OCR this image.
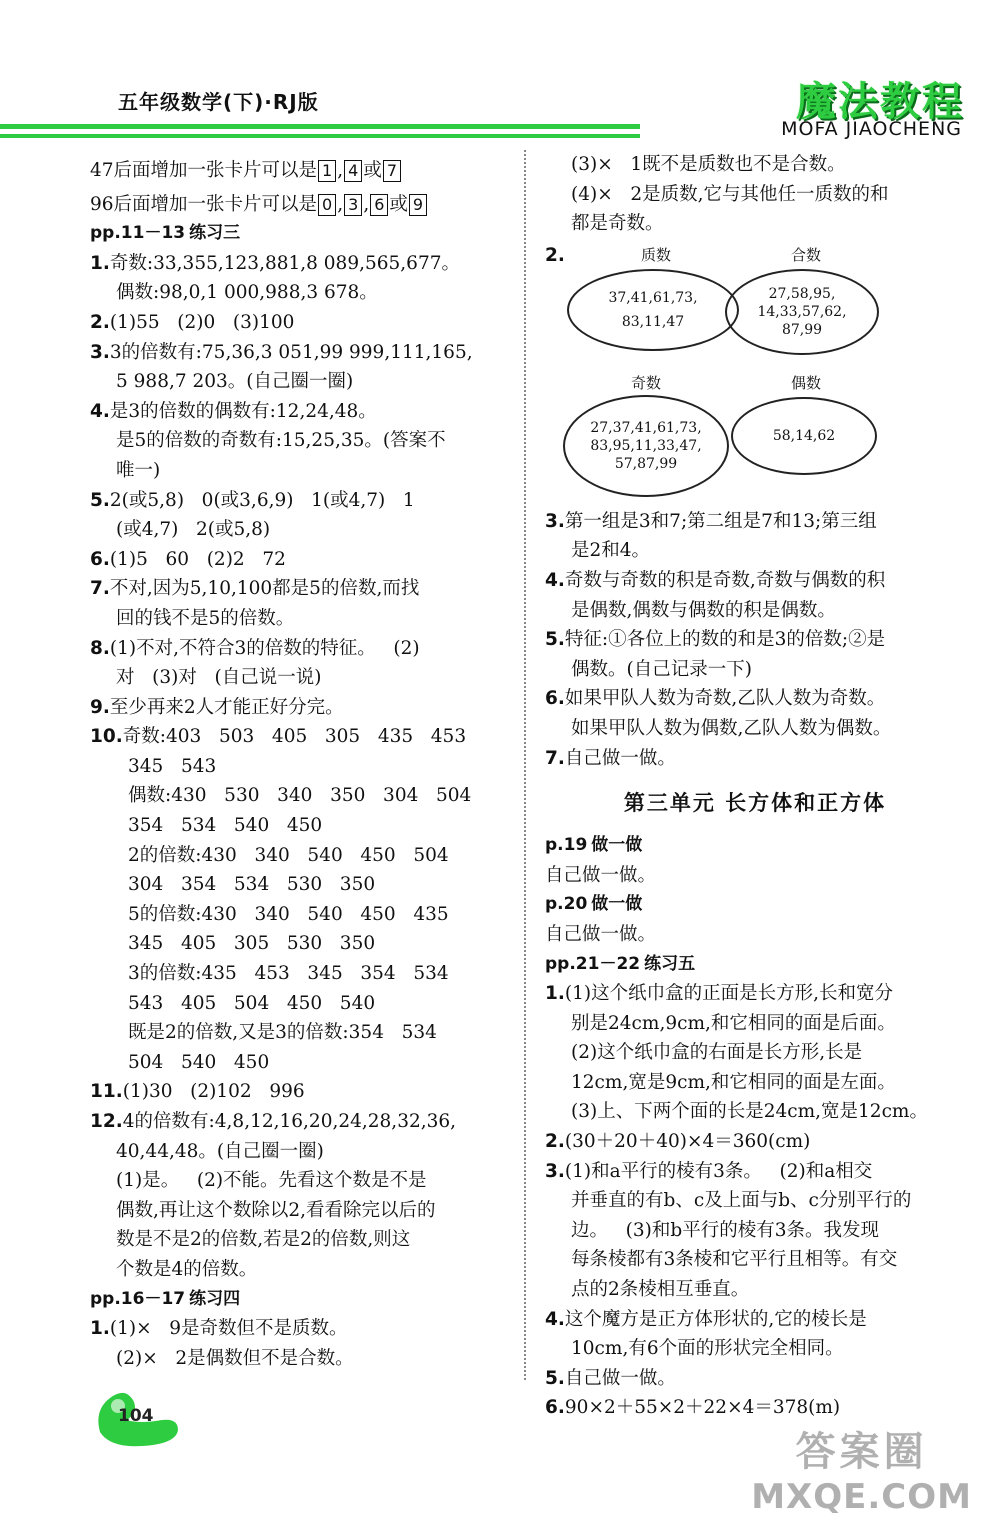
五年级数学(下)·RJ版	魔法教程
MOFA JIAOCHENG
47后面增加一张卡片可以是 1 , 4 或 7
96后面增加一张卡片可以是 0 , 3 , 6 或 9
pp.11－13 练习三
1.奇数:33,355,123,881,8 089,565,677。
偶数:98,0,1 000,988,3 678。
2.(1)55   (2)0   (3)100
3.3的倍数有:75,36,3 051,99 999,111,165,
5 988,7 203。(自己圈一圈)
4.是3的倍数的偶数有:12,24,48。
是5的倍数的奇数有:15,25,35。(答案不
唯一)
5.2(或5,8)   0(或3,6,9)   1(或4,7)   1
(或4,7)   2(或5,8)
6.(1)5   60   (2)2   72
7.不对,因为5,10,100都是5的倍数,而找
回的钱不是5的倍数。
8.(1)不对,不符合3的倍数的特征。   (2)
对   (3)对   (自己说一说)
9.至少再来2人才能正好分完。
10.奇数:403   503   405   305   435   453
345   543
偶数:430   530   340   350   304   504
354   534   540   450
2的倍数:430   340   540   450   504
304   354   534   530   350
5的倍数:430   340   540   450   435
345   405   305   530   350
3的倍数:435   453   345   354   534
543   405   504   450   540
既是2的倍数,又是3的倍数:354   534
504   540   450
11.(1)30   (2)102   996
12.4的倍数有:4,8,12,16,20,24,28,32,36,
40,44,48。(自己圈一圈)
(1)是。   (2)不能。先看这个数是不是
偶数,再让这个数除以2,看看除完以后的
数是不是2的倍数,若是2的倍数,则这
个数是4的倍数。
pp.16－17 练习四
1.(1)×   9是奇数但不是质数。
(2)×   2是偶数但不是合数。
(3)×   1既不是质数也不是合数。
(4)×   2是质数,它与其他任一质数的和
都是奇数。
2.	质数
37,41,61,73,
83,11,47
合数
27,58,95,
14,33,57,62,
87,99
奇数
27,37,41,61,73,
83,95,11,33,47,
57,87,99
偶数
58,14,62
3.第一组是3和7;第二组是7和13;第三组
是2和4。
4.奇数与奇数的积是奇数,奇数与偶数的积
是偶数,偶数与偶数的积是偶数。
5.特征:①各位上的数的和是3的倍数;②是
偶数。(自己记录一下)
6.如果甲队人数为奇数,乙队人数为奇数。
如果甲队人数为偶数,乙队人数为偶数。
7.自己做一做。
第三单元 长方体和正方体
p.19 做一做
自己做一做。
p.20 做一做
自己做一做。
pp.21－22 练习五
1.(1)这个纸巾盒的正面是长方形,长和宽分
别是24cm,9cm,和它相同的面是后面。
(2)这个纸巾盒的右面是长方形,长是
12cm,宽是9cm,和它相同的面是左面。
(3)上、下两个面的长是24cm,宽是12cm。
2.(30＋20＋40)×4＝360(cm)
3.(1)和a平行的棱有3条。   (2)和a相交
并垂直的有b、c及上面与b、c分别平行的
边。   (3)和b平行的棱有3条。我发现
每条棱都有3条棱和它平行且相等。有交
点的2条棱相互垂直。
4.这个魔方是正方体形状的,它的棱长是
10cm,有6个面的形状完全相同。
5.自己做一做。
6.90×2＋55×2＋22×4＝378(m)
104
答案圈
MXQE.COM
